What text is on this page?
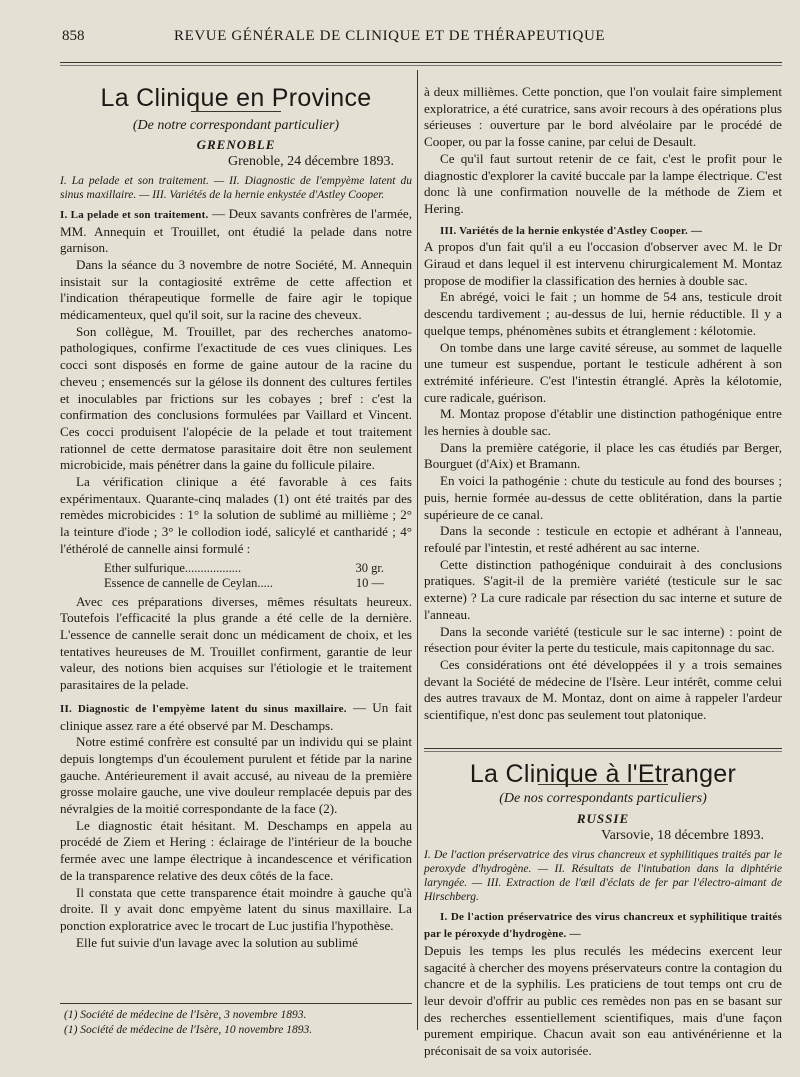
858	REVUE GÉNÉRALE DE CLINIQUE ET DE THÉRAPEUTIQUE

La Clinique en Province

(De notre correspondant particulier)

GRENOBLE

Grenoble, 24 décembre 1893.

I. La pelade et son traitement. — II. Diagnostic de l'empyème latent du sinus maxillaire. — III. Variétés de la hernie enkystée d'Astley Cooper.

I. La pelade et son traitement. — Deux savants confrères de l'armée, MM. Annequin et Trouillet, ont étudié la pelade dans notre garnison.

Dans la séance du 3 novembre de notre Société, M. Annequin insistait sur la contagiosité extrême de cette affection et l'indication thérapeutique formelle de faire agir le topique médicamenteux, quel qu'il soit, sur la racine des cheveux.

Son collègue, M. Trouillet, par des recherches anatomo-pathologiques, confirme l'exactitude de ces vues cliniques. Les cocci sont disposés en forme de gaine autour de la racine du cheveu ; ensemencés sur la gélose ils donnent des cultures fertiles et inoculables par frictions sur les cobayes ; bref : c'est la confirmation des conclusions formulées par Vaillard et Vincent. Ces cocci produisent l'alopécie de la pelade et tout traitement rationnel de cette dermatose parasitaire doit être non seulement microbicide, mais pénétrer dans la gaine du follicule pilaire.

La vérification clinique a été favorable à ces faits expérimentaux. Quarante-cinq malades (1) ont été traités par des remèdes microbicides : 1° la solution de sublimé au millième ; 2° la teinture d'iode ; 3° le collodion iodé, salicylé et cantharidé ; 4° l'éthérolé de cannelle ainsi formulé :

Ether sulfurique..................	30 gr.
Essence de cannelle de Ceylan.....	10 —

Avec ces préparations diverses, mêmes résultats heureux. Toutefois l'efficacité la plus grande a été celle de la dernière. L'essence de cannelle serait donc un médicament de choix, et les tentatives heureuses de M. Trouillet confirment, garantie de leur valeur, des notions bien acquises sur l'étiologie et le traitement parasitaires de la pelade.

II. Diagnostic de l'empyème latent du sinus maxillaire. — Un fait clinique assez rare a été observé par M. Deschamps.

Notre estimé confrère est consulté par un individu qui se plaint depuis longtemps d'un écoulement purulent et fétide par la narine gauche. Antérieurement il avait accusé, au niveau de la première grosse molaire gauche, une vive douleur remplacée depuis par des névralgies de la moitié correspondante de la face (2).

Le diagnostic était hésitant. M. Deschamps en appela au procédé de Ziem et Hering : éclairage de l'intérieur de la bouche fermée avec une lampe électrique à incandescence et vérification de la transparence relative des deux côtés de la face.

Il constata que cette transparence était moindre à gauche qu'à droite. Il y avait donc empyème latent du sinus maxillaire. La ponction exploratrice avec le trocart de Luc justifia l'hypothèse.

Elle fut suivie d'un lavage avec la solution au sublimé

(1) Société de médecine de l'Isère, 3 novembre 1893.
(1) Société de médecine de l'Isère, 10 novembre 1893.

à deux millièmes. Cette ponction, que l'on voulait faire simplement exploratrice, a été curatrice, sans avoir recours à des opérations plus sérieuses : ouverture par le bord alvéolaire par le procédé de Cooper, ou par la fosse canine, par celui de Desault.

Ce qu'il faut surtout retenir de ce fait, c'est le profit pour le diagnostic d'explorer la cavité buccale par la lampe électrique. C'est donc là une confirmation nouvelle de la méthode de Ziem et Hering.

III. Variétés de la hernie enkystée d'Astley Cooper. —

A propos d'un fait qu'il a eu l'occasion d'observer avec M. le Dr Giraud et dans lequel il est intervenu chirurgicalement M. Montaz propose de modifier la classification des hernies à double sac.

En abrégé, voici le fait ; un homme de 54 ans, testicule droit descendu tardivement ; au-dessus de lui, hernie réductible. Il y a quelque temps, phénomènes subits et étranglement : kélotomie.

On tombe dans une large cavité séreuse, au sommet de laquelle une tumeur est suspendue, portant le testicule adhérent à son extrémité inférieure. C'est l'intestin étranglé. Après la kélotomie, cure radicale, guérison.

M. Montaz propose d'établir une distinction pathogénique entre les hernies à double sac.

Dans la première catégorie, il place les cas étudiés par Berger, Bourguet (d'Aix) et Bramann.

En voici la pathogénie : chute du testicule au fond des bourses ; puis, hernie formée au-dessus de cette oblitération, dans la partie supérieure de ce canal.

Dans la seconde : testicule en ectopie et adhérant à l'anneau, refoulé par l'intestin, et resté adhérent au sac interne.

Cette distinction pathogénique conduirait à des conclusions pratiques. S'agit-il de la première variété (testicule sur le sac externe) ? La cure radicale par résection du sac interne et suture de l'anneau.

Dans la seconde variété (testicule sur le sac interne) : point de résection pour éviter la perte du testicule, mais capitonnage du sac.

Ces considérations ont été développées il y a trois semaines devant la Société de médecine de l'Isère. Leur intérêt, comme celui des autres travaux de M. Montaz, dont on aime à rappeler l'ardeur scientifique, n'est donc pas seulement tout platonique.

La Clinique à l'Etranger

(De nos correspondants particuliers)

RUSSIE

Varsovie, 18 décembre 1893.

I. De l'action préservatrice des virus chancreux et syphilitiques traités par le peroxyde d'hydrogène. — II. Résultats de l'intubation dans la diphtérie laryngée. — III. Extraction de l'œil d'éclats de fer par l'électro-aimant de Hirschberg.

I. De l'action préservatrice des virus chancreux et syphilitique traités par le péroxyde d'hydrogène. —

Depuis les temps les plus reculés les médecins exercent leur sagacité à chercher des moyens préservateurs contre la contagion du chancre et de la syphilis. Les praticiens de tout temps ont cru de leur devoir d'offrir au public ces remèdes non pas en se basant sur des recherches essentiellement scientifiques, mais d'une façon purement empirique. Chacun avait son eau antivénérienne et la préconisait de sa voix autorisée.
